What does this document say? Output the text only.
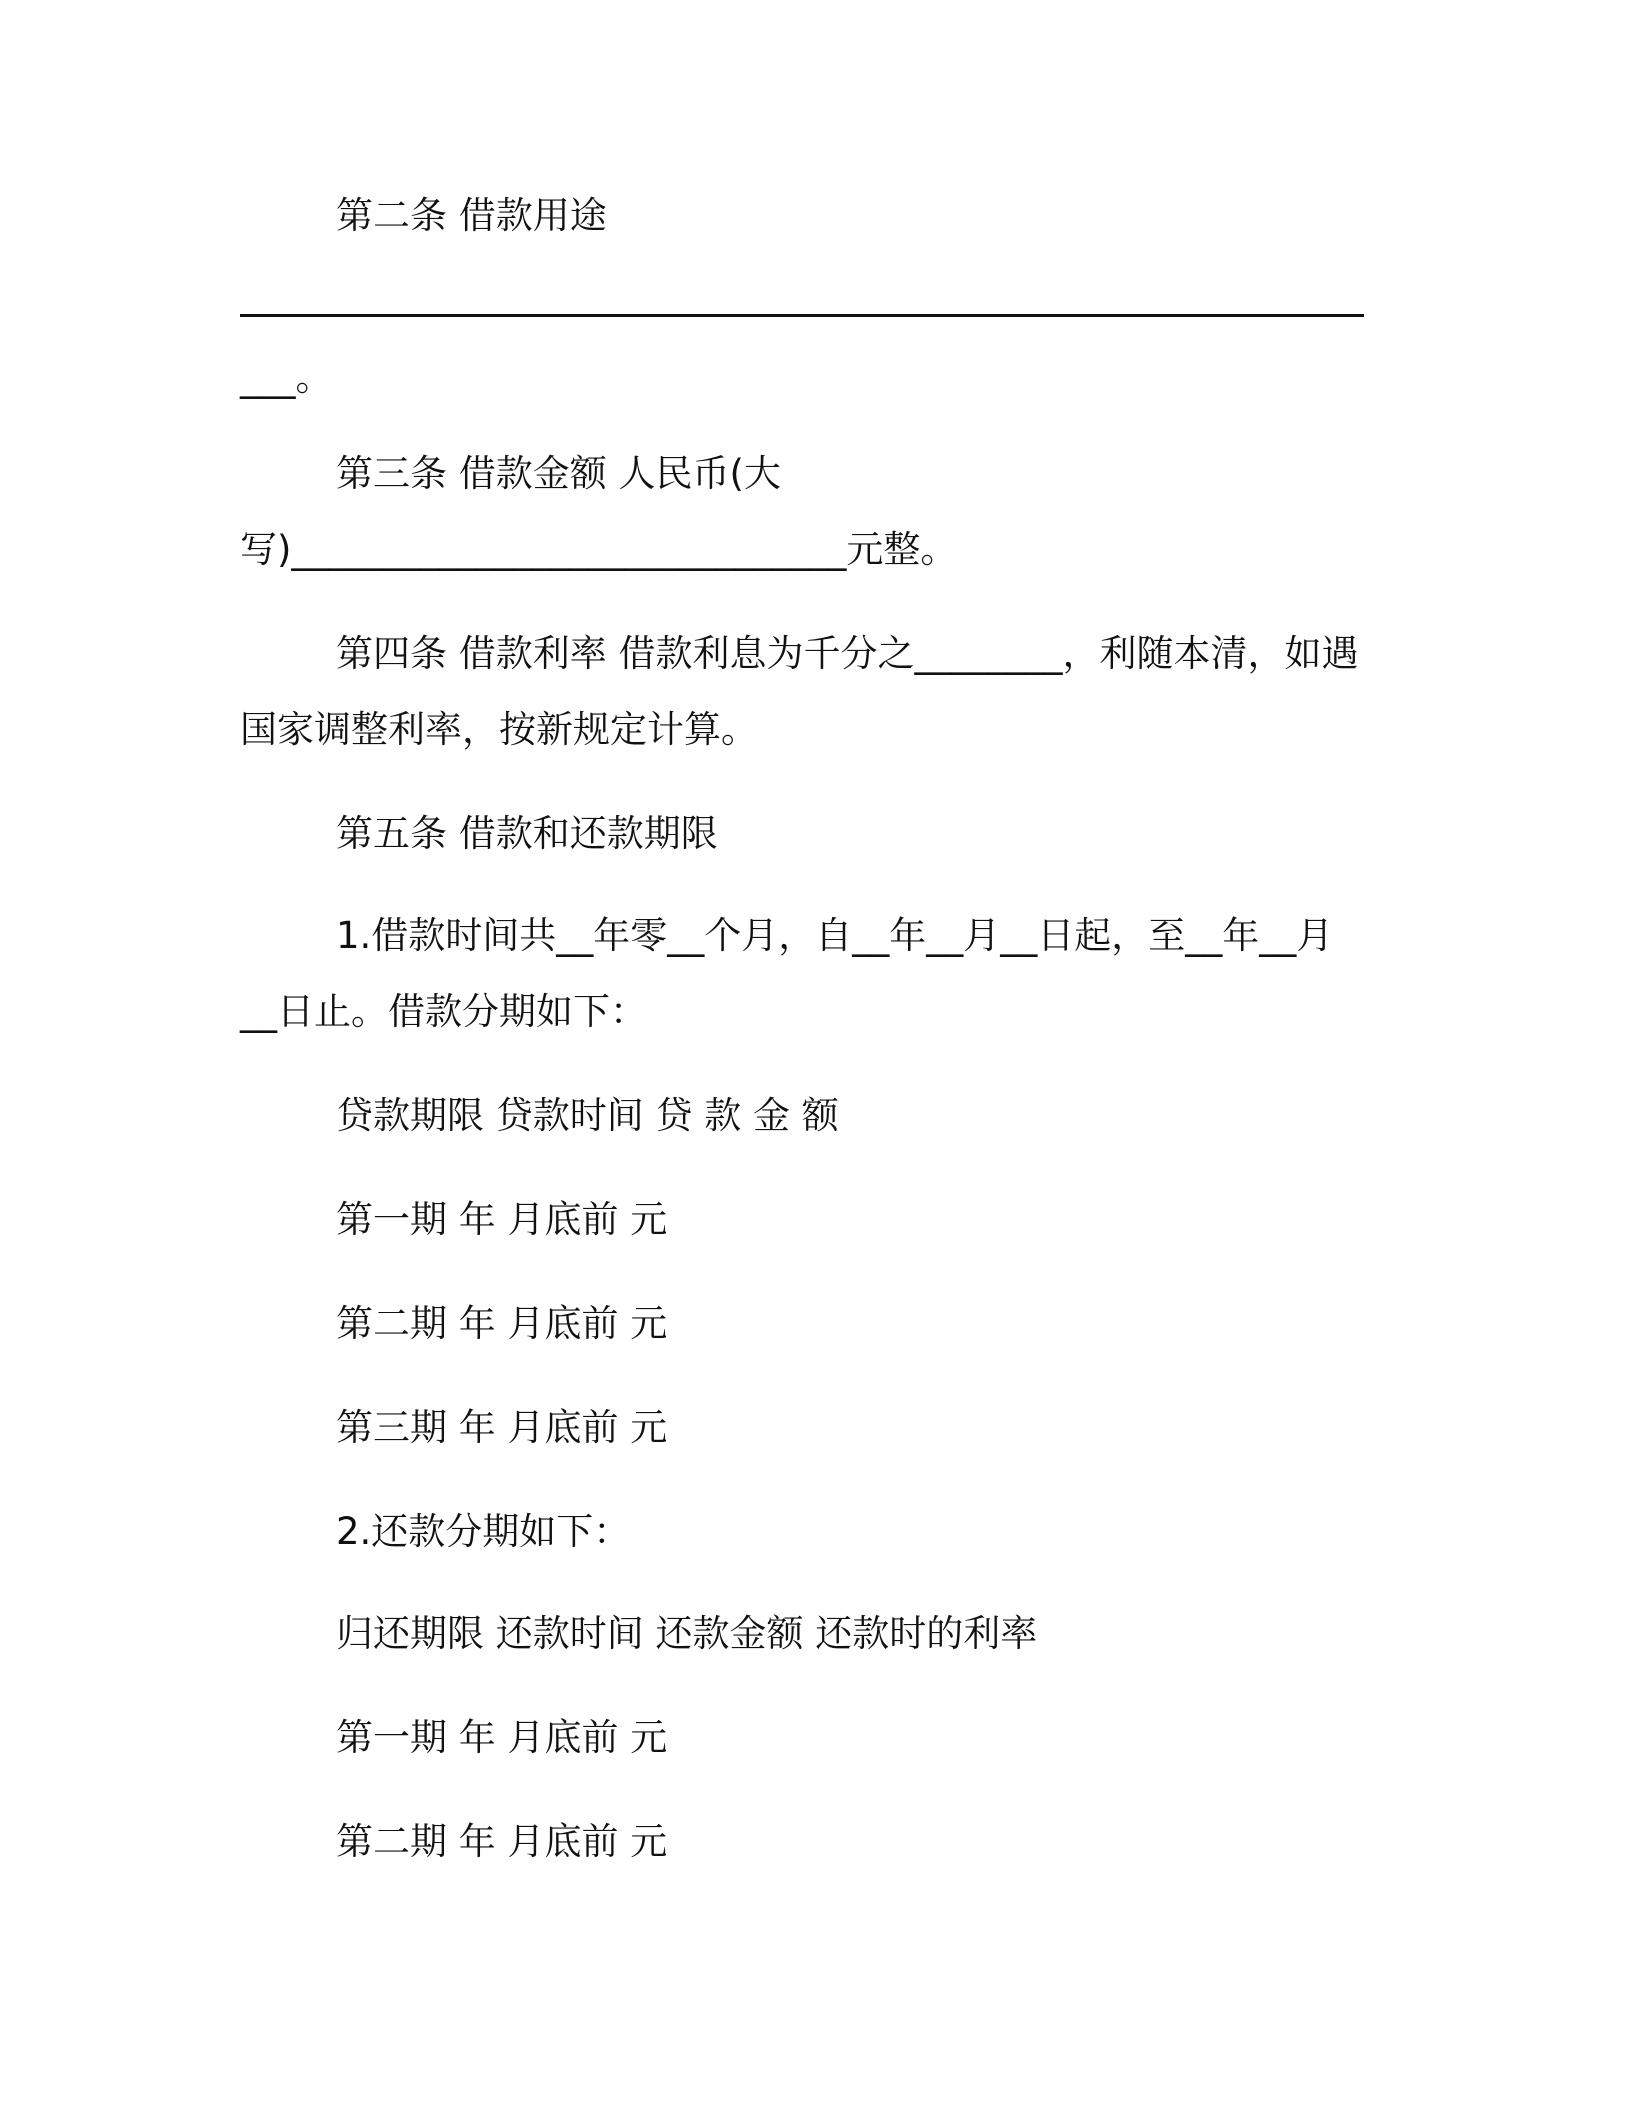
第二条 借款用途
___。
第三条 借款金额 人民币(大
写)______________________________元整。
第四条 借款利率 借款利息为千分之________，利随本清，如遇
国家调整利率，按新规定计算。
第五条 借款和还款期限
1.借款时间共__年零__个月，自__年__月__日起，至__年__月
__日止。借款分期如下：
贷款期限 贷款时间 贷 款 金 额
第一期 年 月底前 元
第二期 年 月底前 元
第三期 年 月底前 元
2.还款分期如下：
归还期限 还款时间 还款金额 还款时的利率
第一期 年 月底前 元
第二期 年 月底前 元
